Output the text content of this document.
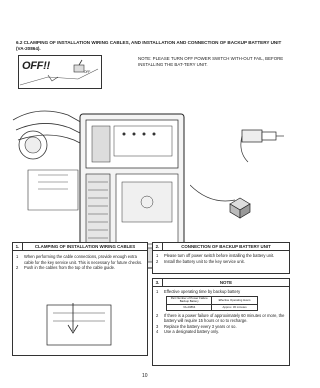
6.2 CLAMPING OF INSTALLATION WIRING CABLES, AND INSTALLATION AND CONNECTION OF BACKUP BATTERY UNIT (VA-20864).
OFF!!	OFF
NOTE: PLEASE TURN OFF POWER SWITCH WITH-OUT FAIL, BEFORE INSTALLING THE BAT-TERY UNIT.
1.	CLAMPING OF INSTALLATION WIRING CABLES
1	When performing the cable connections, provide enough extra cable for the key service unit. This is necessary for future checks.
2	Push in the cables from the top of the cable guide.
2.	CONNECTION OF BACKUP BATTERY UNIT
1	Please turn off power switch before installing the battery unit.
2	Install the battery unit to the key service unit.
3.	NOTE
1	Effective operating time by backup battery
Part Number of Power Failure Backup Battery	Effective Operating Hours
VA-20864	Approx. 30 minutes
2	If there is a power failure of approximately 60 minutes or more, the battery will require 15 hours or so to recharge.
3	Replace the battery every 3 years or so.
4	Use a designated battery only.
10
